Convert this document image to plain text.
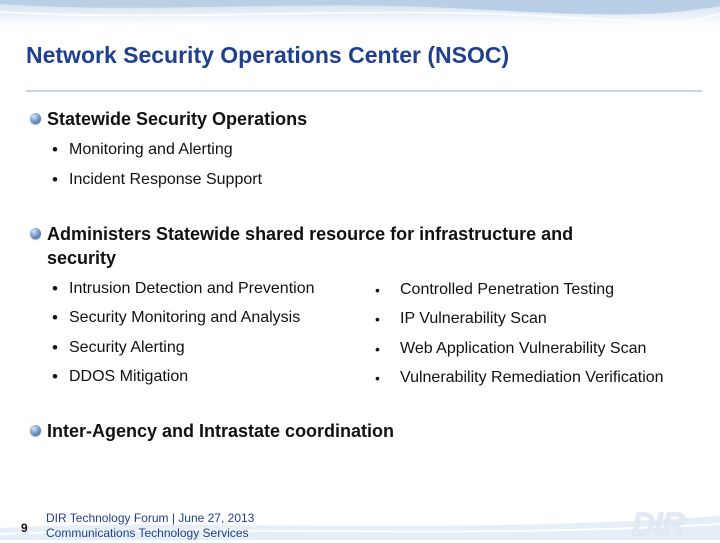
Network Security Operations Center (NSOC)
Statewide Security Operations
• Monitoring and Alerting
• Incident Response Support
Administers Statewide shared resource for infrastructure and security
• Intrusion Detection and Prevention
• Security Monitoring and Analysis
• Security Alerting
• DDOS Mitigation
• Controlled Penetration Testing
• IP Vulnerability Scan
• Web Application Vulnerability Scan
• Vulnerability Remediation Verification
Inter-Agency and Intrastate coordination
9
DIR Technology Forum | June 27, 2013
Communications Technology Services	DIR
